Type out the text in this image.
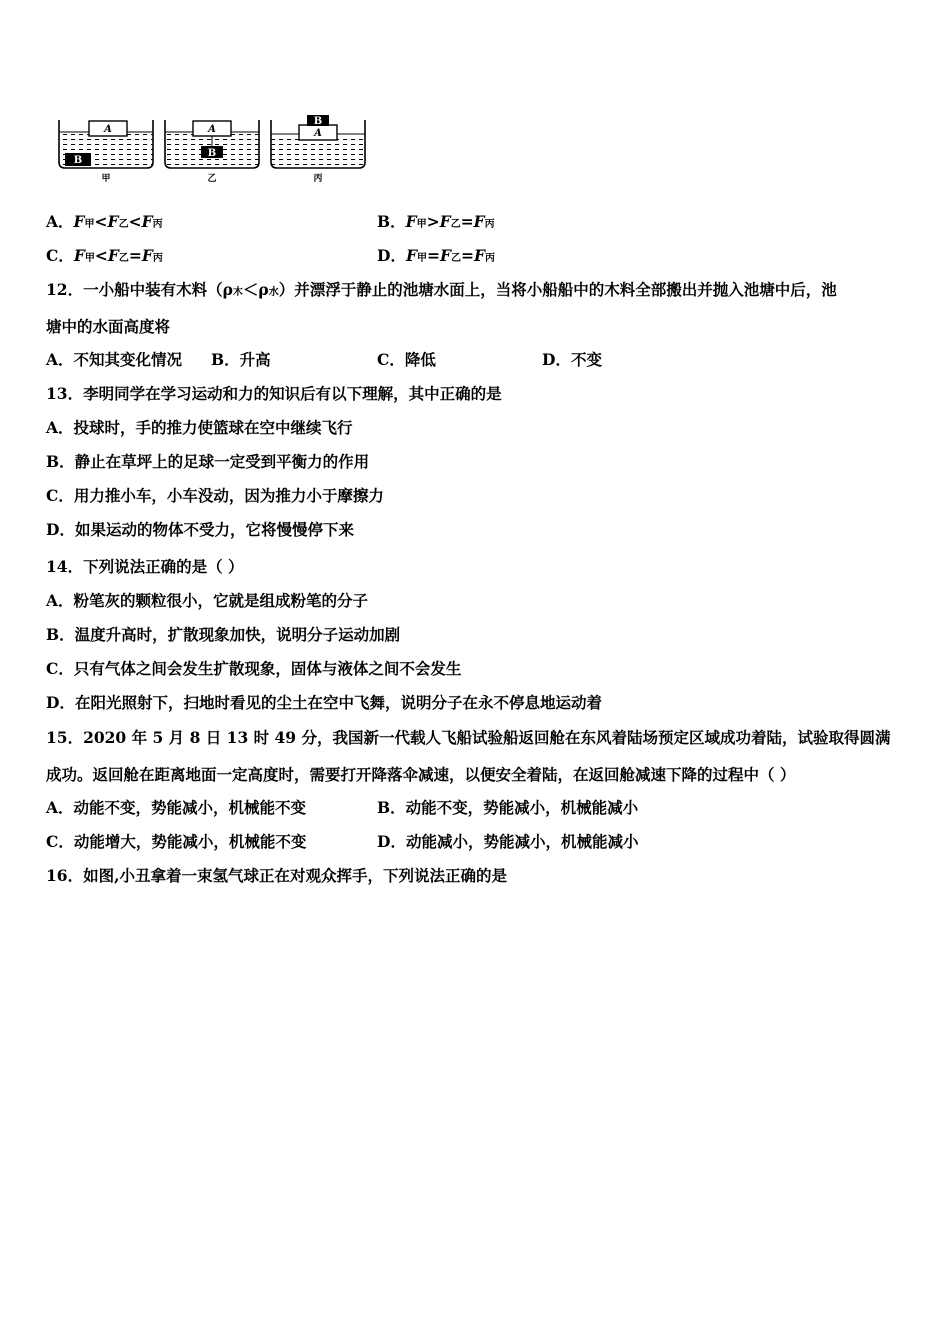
A
B
甲
A
B
乙
A
B
丙
A．F甲<F乙<F丙	B．F甲>F乙=F丙
C．F甲<F乙=F丙	D．F甲=F乙=F丙
12．一小船中装有木料（ρ木＜ρ水）并漂浮于静止的池塘水面上，当将小船船中的木料全部搬出并抛入池塘中后，池
塘中的水面高度将
A．不知其变化情况 B．升高	C．降低	D．不变
13．李明同学在学习运动和力的知识后有以下理解，其中正确的是
A．投球时，手的推力使篮球在空中继续飞行
B．静止在草坪上的足球一定受到平衡力的作用
C．用力推小车，小车没动，因为推力小于摩擦力
D．如果运动的物体不受力，它将慢慢停下来
14．下列说法正确的是（ ）
A．粉笔灰的颗粒很小，它就是组成粉笔的分子
B．温度升高时，扩散现象加快，说明分子运动加剧
C．只有气体之间会发生扩散现象，固体与液体之间不会发生
D．在阳光照射下，扫地时看见的尘土在空中飞舞，说明分子在永不停息地运动着
15．2020 年 5 月 8 日 13 时 49 分，我国新一代载人飞船试验船返回舱在东风着陆场预定区域成功着陆，试验取得圆满
成功。返回舱在距离地面一定高度时，需要打开降落伞减速，以便安全着陆，在返回舱减速下降的过程中（ ）
A．动能不变，势能减小，机械能不变	B．动能不变，势能减小，机械能减小
C．动能增大，势能减小，机械能不变	D．动能减小，势能减小，机械能减小
16．如图,小丑拿着一束氢气球正在对观众挥手，下列说法正确的是
